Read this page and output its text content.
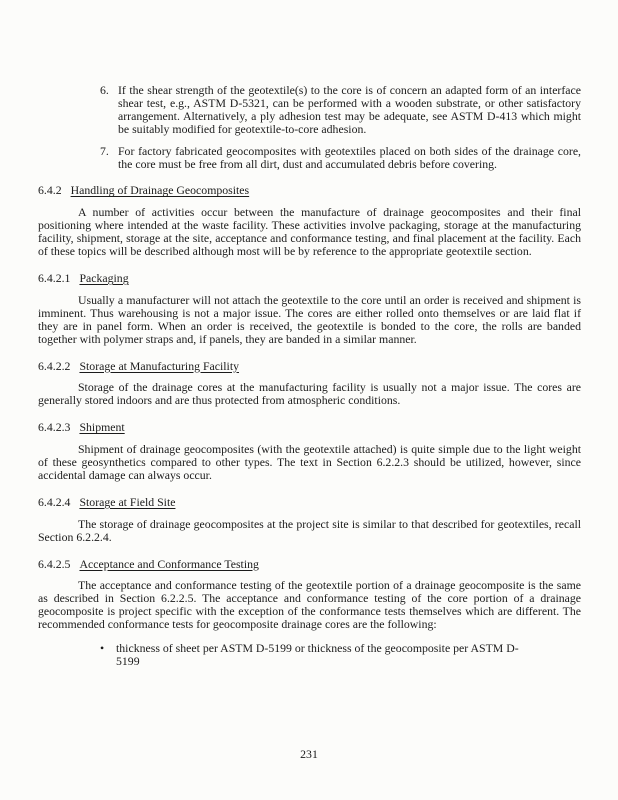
6. If the shear strength of the geotextile(s) to the core is of concern an adapted form of an interface shear test, e.g., ASTM D-5321, can be performed with a wooden substrate, or other satisfactory arrangement. Alternatively, a ply adhesion test may be adequate, see ASTM D-413 which might be suitably modified for geotextile-to-core adhesion.
7. For factory fabricated geocomposites with geotextiles placed on both sides of the drainage core, the core must be free from all dirt, dust and accumulated debris before covering.
6.4.2 Handling of Drainage Geocomposites

A number of activities occur between the manufacture of drainage geocomposites and their final positioning where intended at the waste facility. These activities involve packaging, storage at the manufacturing facility, shipment, storage at the site, acceptance and conformance testing, and final placement at the facility. Each of these topics will be described although most will be by reference to the appropriate geotextile section.

6.4.2.1 Packaging

Usually a manufacturer will not attach the geotextile to the core until an order is received and shipment is imminent. Thus warehousing is not a major issue. The cores are either rolled onto themselves or are laid flat if they are in panel form. When an order is received, the geotextile is bonded to the core, the rolls are banded together with polymer straps and, if panels, they are banded in a similar manner.

6.4.2.2 Storage at Manufacturing Facility

Storage of the drainage cores at the manufacturing facility is usually not a major issue. The cores are generally stored indoors and are thus protected from atmospheric conditions.

6.4.2.3 Shipment

Shipment of drainage geocomposites (with the geotextile attached) is quite simple due to the light weight of these geosynthetics compared to other types. The text in Section 6.2.2.3 should be utilized, however, since accidental damage can always occur.

6.4.2.4 Storage at Field Site

The storage of drainage geocomposites at the project site is similar to that described for geotextiles, recall Section 6.2.2.4.

6.4.2.5 Acceptance and Conformance Testing

The acceptance and conformance testing of the geotextile portion of a drainage geocomposite is the same as described in Section 6.2.2.5. The acceptance and conformance testing of the core portion of a drainage geocomposite is project specific with the exception of the conformance tests themselves which are different. The recommended conformance tests for geocomposite drainage cores are the following:

•	thickness of sheet per ASTM D-5199 or thickness of the geocomposite per ASTM D-5199
231
